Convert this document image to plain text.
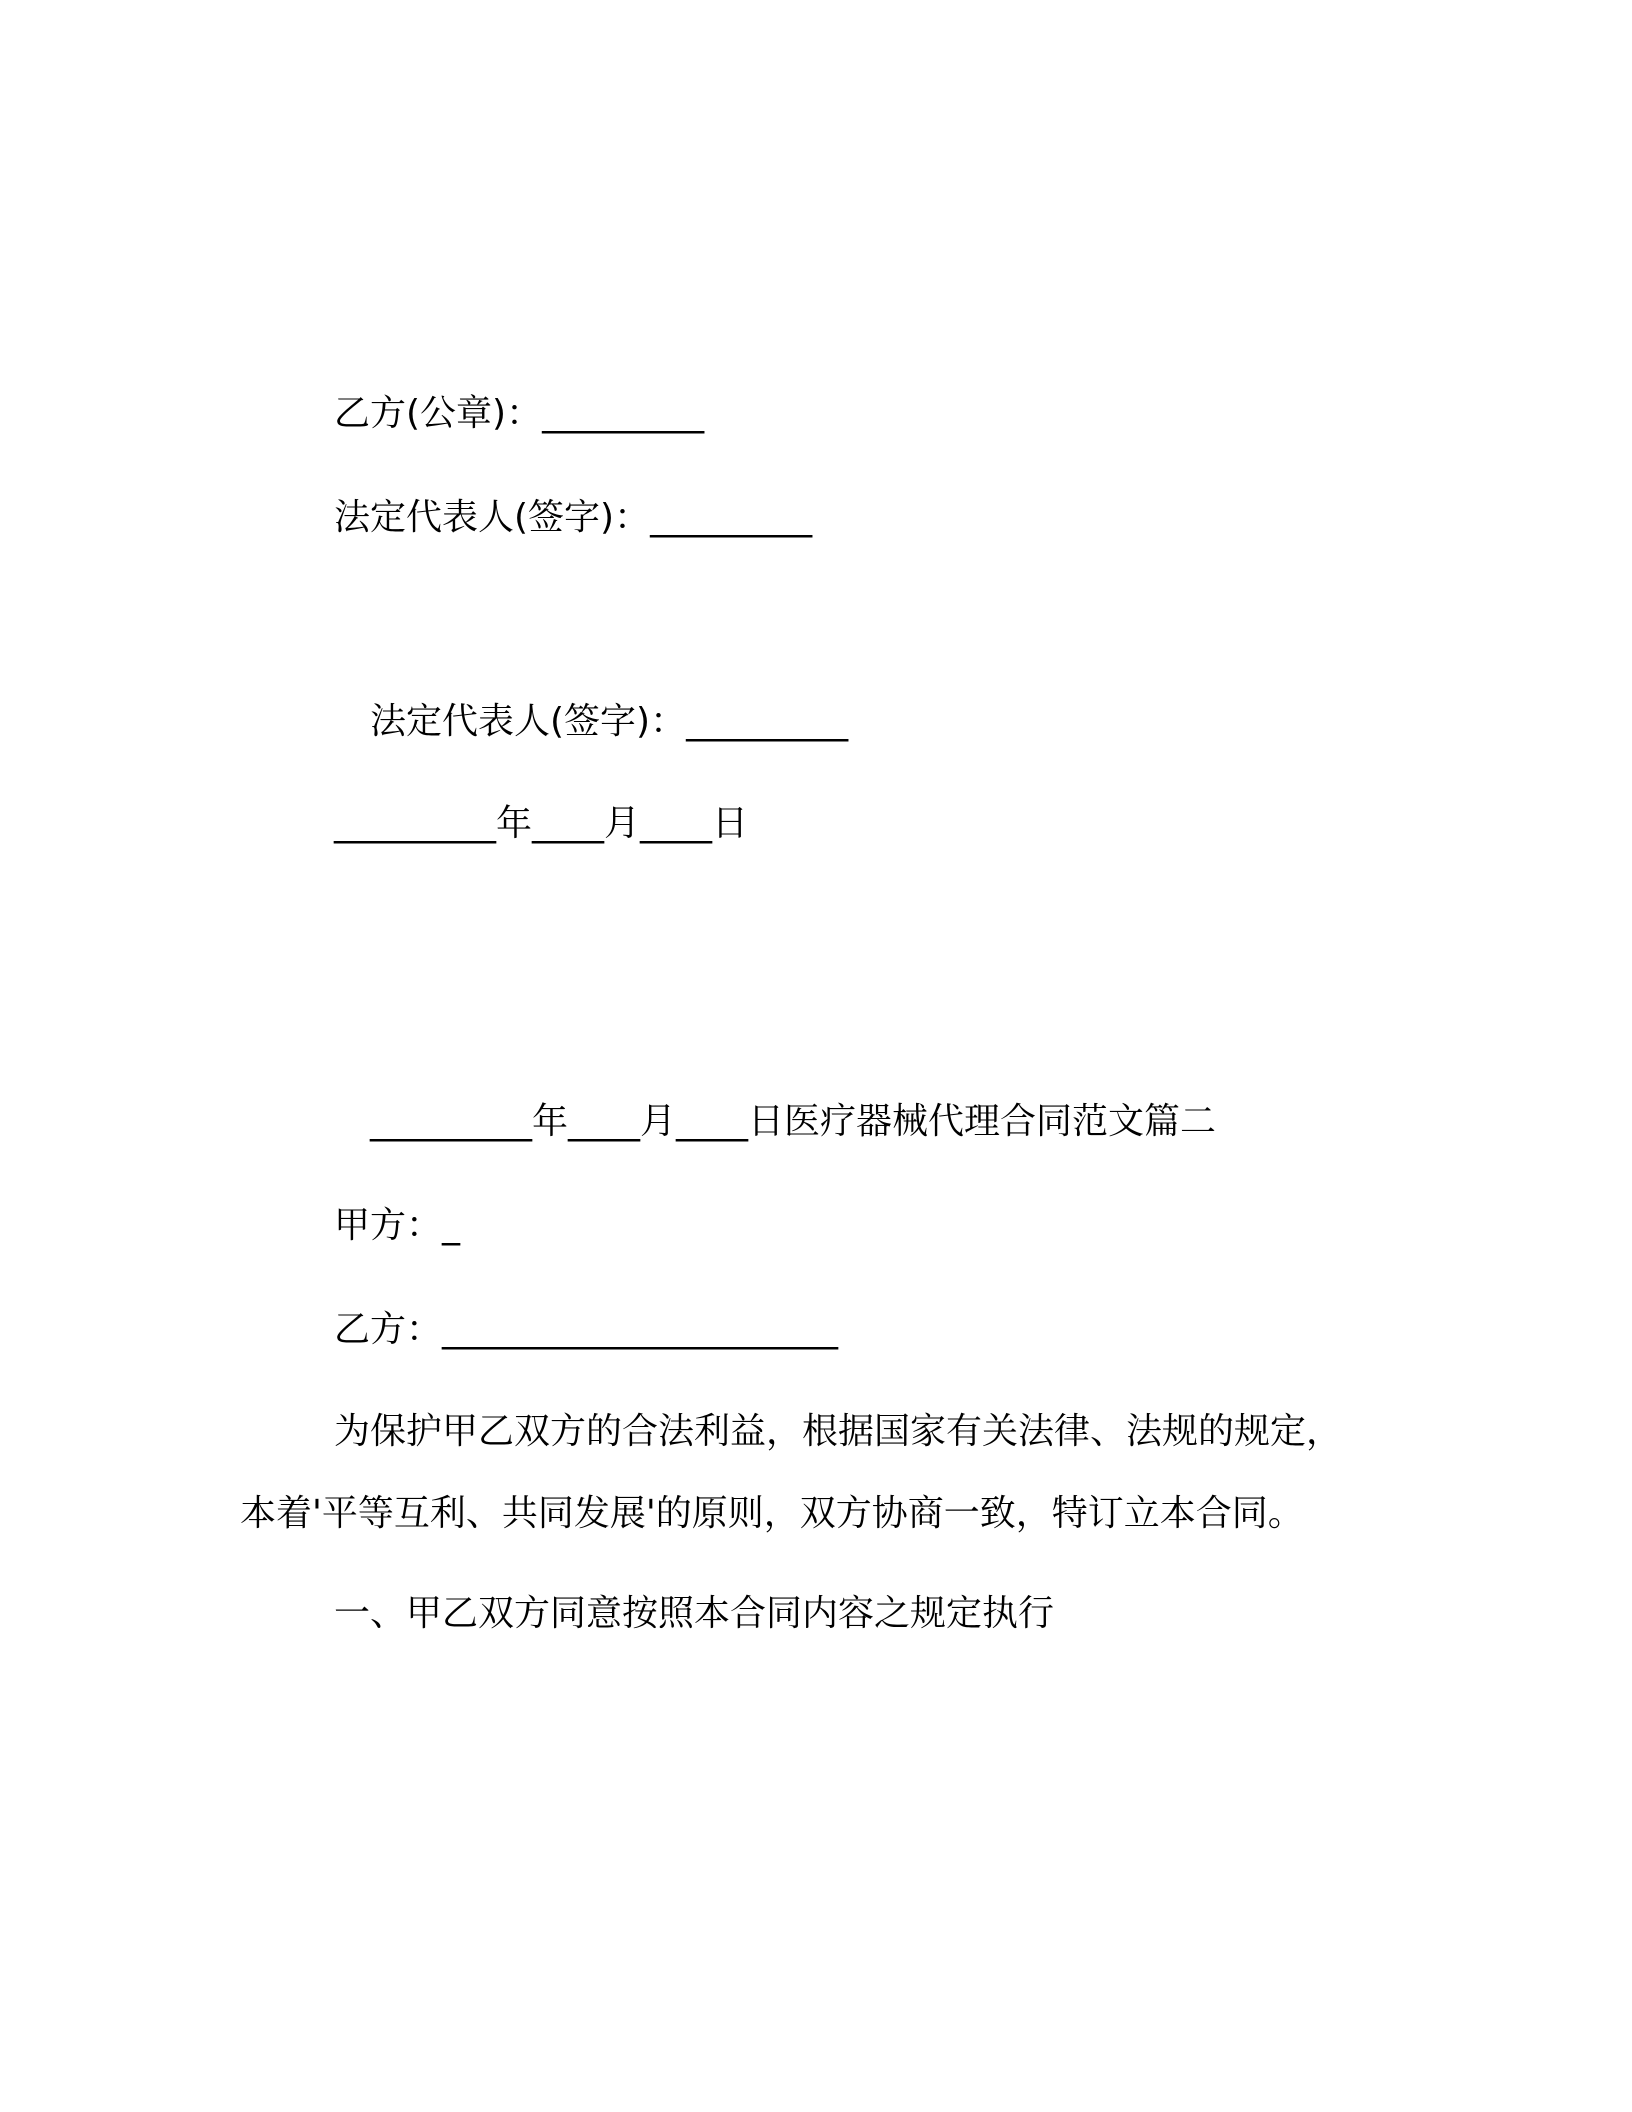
乙方(公章)：_________
法定代表人(签字)：_________
法定代表人(签字)：_________
_________年____月____日
_________年____月____日医疗器械代理合同范文篇二
甲方：_
乙方：______________________
为保护甲乙双方的合法利益，根据国家有关法律、法规的规定，
本着'平等互利、共同发展'的原则，双方协商一致，特订立本合同。
一、甲乙双方同意按照本合同内容之规定执行
